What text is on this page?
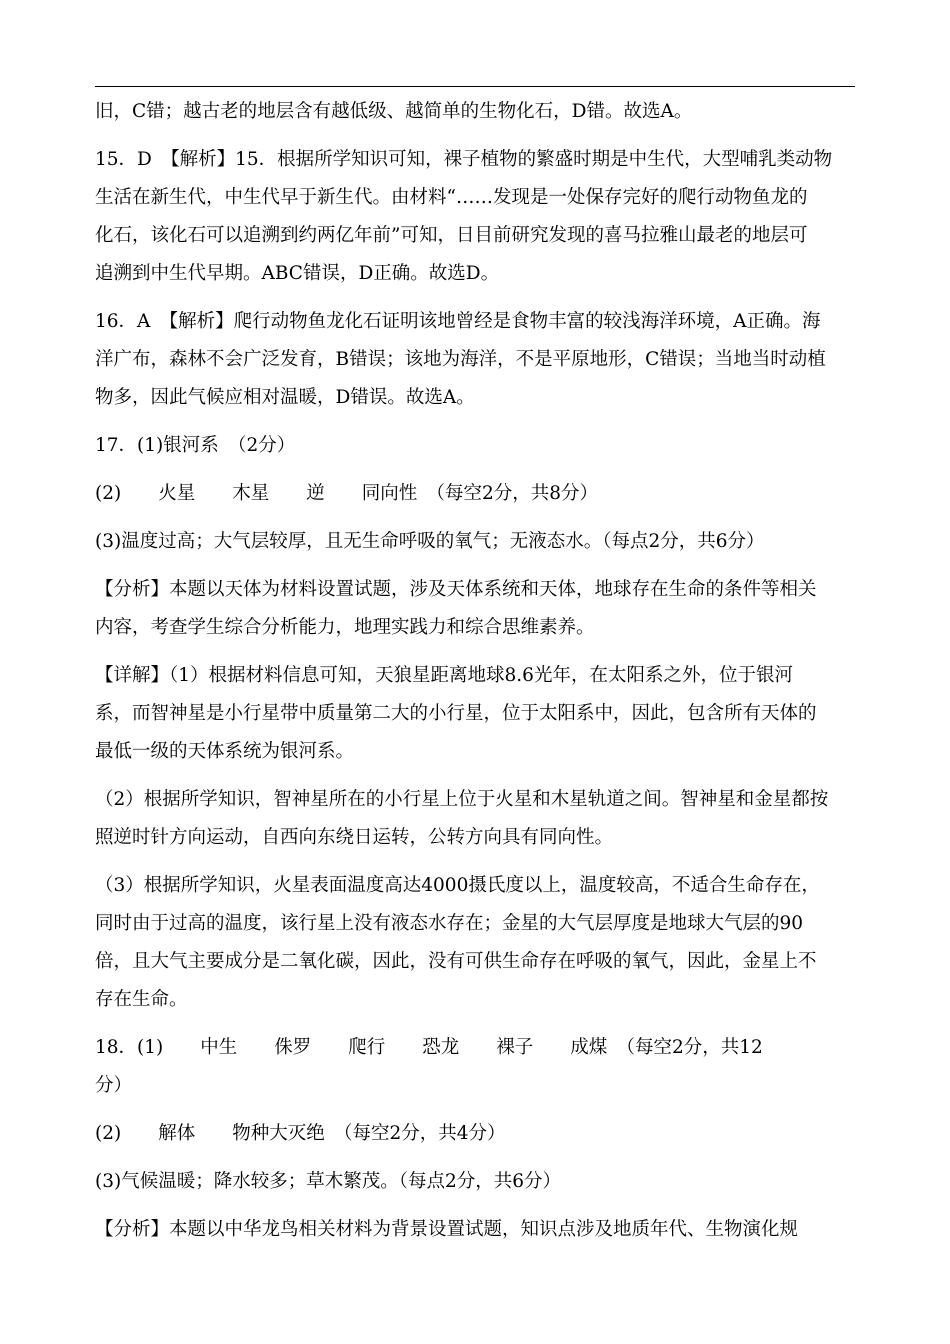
旧，C错；越古老的地层含有越低级、越简单的生物化石，D错。故选A。
15．D　【解析】15．根据所学知识可知，裸子植物的繁盛时期是中生代，大型哺乳类动物
生活在新生代，中生代早于新生代。由材料“……发现是一处保存完好的爬行动物鱼龙的
化石，该化石可以追溯到约两亿年前”可知，日目前研究发现的喜马拉雅山最老的地层可
追溯到中生代早期。ABC错误，D正确。故选D。
16．A　【解析】爬行动物鱼龙化石证明该地曾经是食物丰富的较浅海洋环境，A正确。海
洋广布，森林不会广泛发育，B错误；该地为海洋，不是平原地形，C错误；当地当时动植
物多，因此气候应相对温暖，D错误。故选A。
17．(1)银河系　（2分）
(2)　　火星　　木星　　逆　　同向性　（每空2分，共8分）
(3)温度过高；大气层较厚，且无生命呼吸的氧气；无液态水。（每点2分，共6分）
【分析】本题以天体为材料设置试题，涉及天体系统和天体，地球存在生命的条件等相关
内容，考查学生综合分析能力，地理实践力和综合思维素养。
【详解】（1）根据材料信息可知，天狼星距离地球8.6光年，在太阳系之外，位于银河
系，而智神星是小行星带中质量第二大的小行星，位于太阳系中，因此，包含所有天体的
最低一级的天体系统为银河系。
（2）根据所学知识，智神星所在的小行星上位于火星和木星轨道之间。智神星和金星都按
照逆时针方向运动，自西向东绕日运转，公转方向具有同向性。
（3）根据所学知识，火星表面温度高达4000摄氏度以上，温度较高，不适合生命存在，
同时由于过高的温度，该行星上没有液态水存在；金星的大气层厚度是地球大气层的90
倍，且大气主要成分是二氧化碳，因此，没有可供生命存在呼吸的氧气，因此，金星上不
存在生命。
18．(1)　　中生　　侏罗　　爬行　　恐龙　　裸子　　成煤　（每空2分，共12
分）
(2)　　解体　　物种大灭绝　（每空2分，共4分）
(3)气候温暖；降水较多；草木繁茂。（每点2分，共6分）
【分析】本题以中华龙鸟相关材料为背景设置试题，知识点涉及地质年代、生物演化规
